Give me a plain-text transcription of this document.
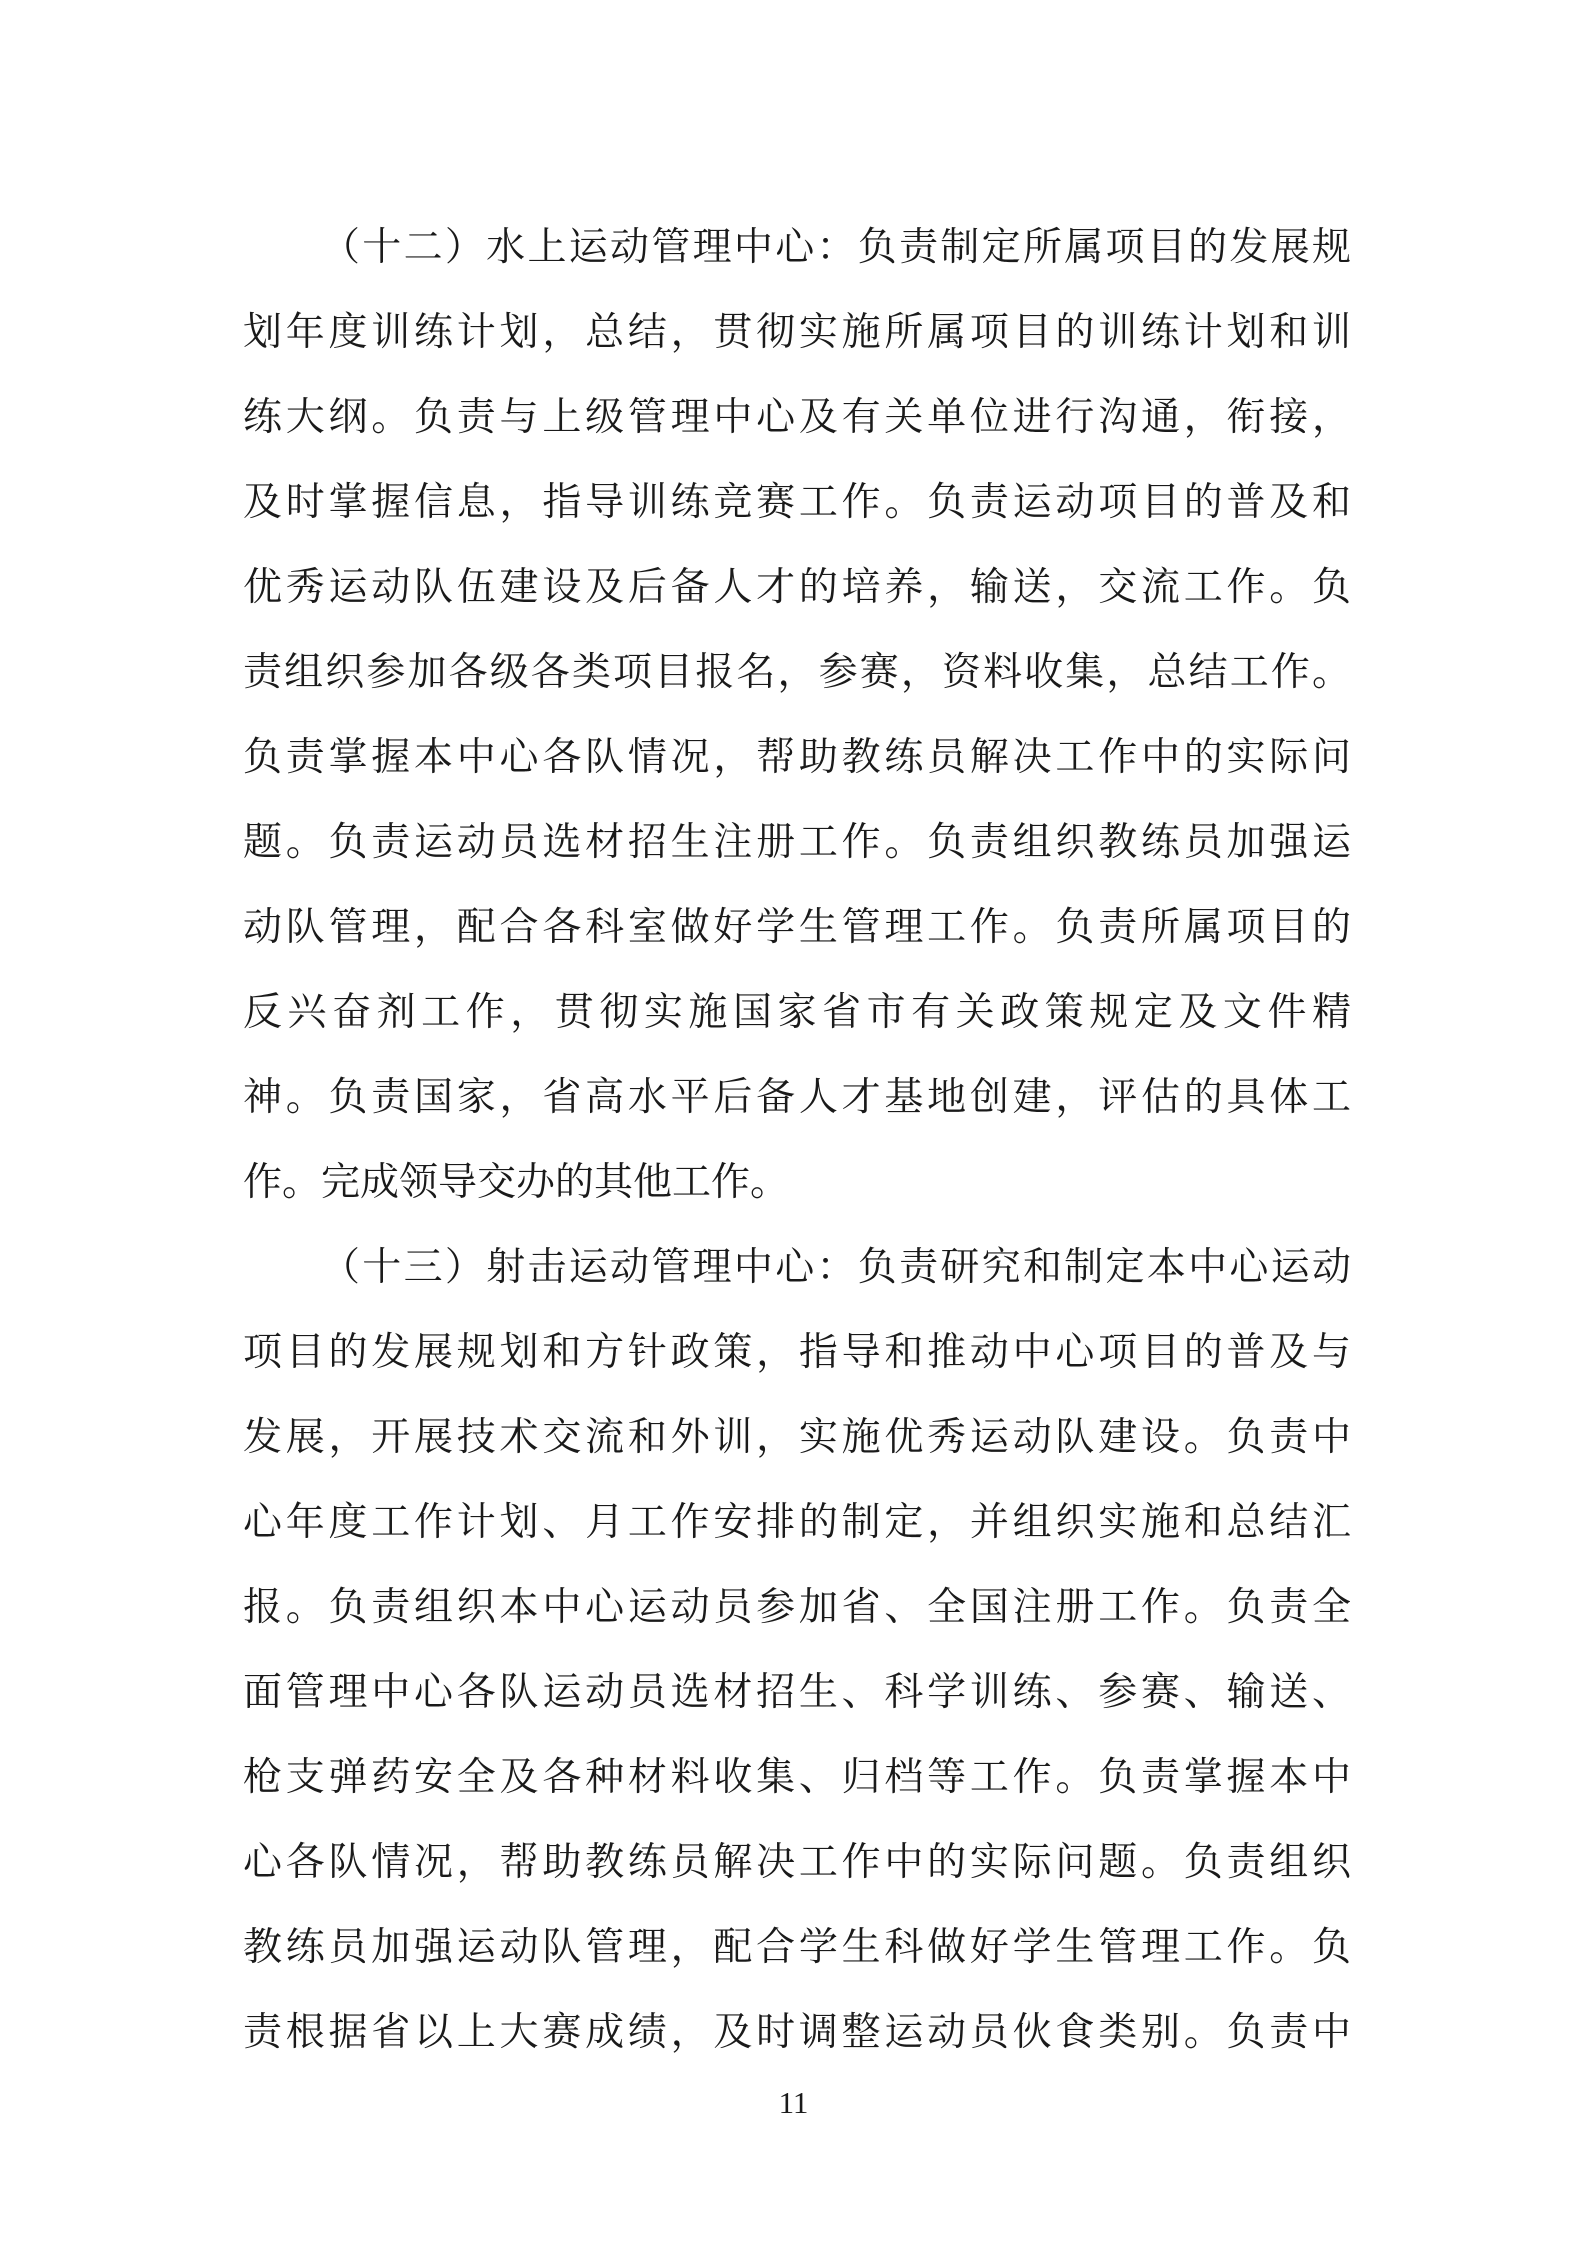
（十二）水上运动管理中心：负责制定所属项目的发展规
划年度训练计划，总结，贯彻实施所属项目的训练计划和训
练大纲。负责与上级管理中心及有关单位进行沟通，衔接，
及时掌握信息，指导训练竞赛工作。负责运动项目的普及和
优秀运动队伍建设及后备人才的培养，输送，交流工作。负
责组织参加各级各类项目报名，参赛，资料收集，总结工作。
负责掌握本中心各队情况，帮助教练员解决工作中的实际问
题。负责运动员选材招生注册工作。负责组织教练员加强运
动队管理，配合各科室做好学生管理工作。负责所属项目的
反兴奋剂工作，贯彻实施国家省市有关政策规定及文件精
神。负责国家，省高水平后备人才基地创建，评估的具体工
作。完成领导交办的其他工作。
（十三）射击运动管理中心：负责研究和制定本中心运动
项目的发展规划和方针政策，指导和推动中心项目的普及与
发展，开展技术交流和外训，实施优秀运动队建设。负责中
心年度工作计划、月工作安排的制定，并组织实施和总结汇
报。负责组织本中心运动员参加省、全国注册工作。负责全
面管理中心各队运动员选材招生、科学训练、参赛、输送、
枪支弹药安全及各种材料收集、归档等工作。负责掌握本中
心各队情况，帮助教练员解决工作中的实际问题。负责组织
教练员加强运动队管理，配合学生科做好学生管理工作。负
责根据省以上大赛成绩，及时调整运动员伙食类别。负责中
11
